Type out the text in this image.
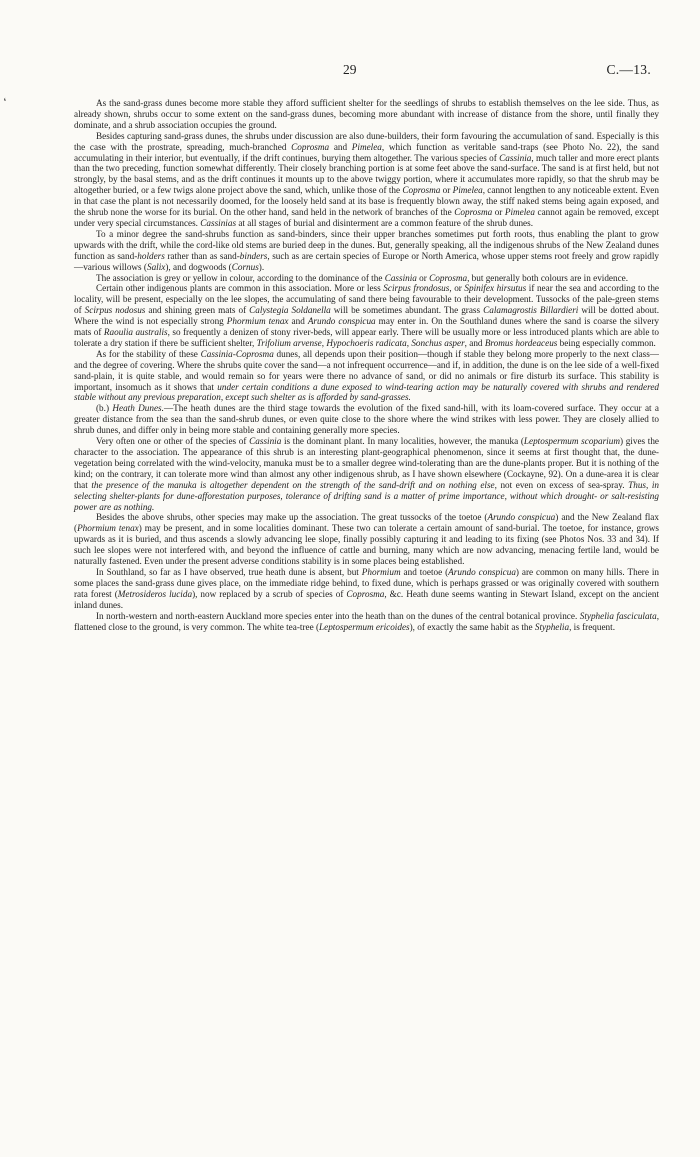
29	C.—13.
‘	As the sand-grass dunes become more stable they afford sufficient shelter for the seedlings of shrubs to establish themselves on the lee side. Thus, as already shown, shrubs occur to some extent on the sand-grass dunes, becoming more abundant with increase of distance from the shore, until finally they dominate, and a shrub association occupies the ground.

Besides capturing sand-grass dunes, the shrubs under discussion are also dune-builders, their form favouring the accumulation of sand. Especially is this the case with the prostrate, spreading, much-branched Coprosma and Pimelea, which function as veritable sand-traps (see Photo No. 22), the sand accumulating in their interior, but eventually, if the drift continues, burying them altogether. The various species of Cassinia, much taller and more erect plants than the two preceding, function somewhat differently. Their closely branching portion is at some feet above the sand-surface. The sand is at first held, but not strongly, by the basal stems, and as the drift continues it mounts up to the above twiggy portion, where it accumulates more rapidly, so that the shrub may be altogether buried, or a few twigs alone project above the sand, which, unlike those of the Coprosma or Pimelea, cannot lengthen to any noticeable extent. Even in that case the plant is not necessarily doomed, for the loosely held sand at its base is frequently blown away, the stiff naked stems being again exposed, and the shrub none the worse for its burial. On the other hand, sand held in the network of branches of the Coprosma or Pimelea cannot again be removed, except under very special circumstances. Cassinias at all stages of burial and disinterment are a common feature of the shrub dunes.

To a minor degree the sand-shrubs function as sand-binders, since their upper branches sometimes put forth roots, thus enabling the plant to grow upwards with the drift, while the cord-like old stems are buried deep in the dunes. But, generally speaking, all the indigenous shrubs of the New Zealand dunes function as sand-holders rather than as sand-binders, such as are certain species of Europe or North America, whose upper stems root freely and grow rapidly—various willows (Salix), and dogwoods (Cornus).

The association is grey or yellow in colour, according to the dominance of the Cassinia or Coprosma, but generally both colours are in evidence.

Certain other indigenous plants are common in this association. More or less Scirpus frondosus, or Spinifex hirsutus if near the sea and according to the locality, will be present, especially on the lee slopes, the accumulating of sand there being favourable to their development. Tussocks of the pale-green stems of Scirpus nodosus and shining green mats of Calystegia Soldanella will be sometimes abundant. The grass Calamagrostis Billardieri will be dotted about. Where the wind is not especially strong Phormium tenax and Arundo conspicua may enter in. On the Southland dunes where the sand is coarse the silvery mats of Raoulia australis, so frequently a denizen of stony river-beds, will appear early. There will be usually more or less introduced plants which are able to tolerate a dry station if there be sufficient shelter, Trifolium arvense, Hypochoeris radicata, Sonchus asper, and Bromus hordeaceus being especially common.

As for the stability of these Cassinia-Coprosma dunes, all depends upon their position—though if stable they belong more properly to the next class—and the degree of covering. Where the shrubs quite cover the sand—a not infrequent occurrence—and if, in addition, the dune is on the lee side of a well-fixed sand-plain, it is quite stable, and would remain so for years were there no advance of sand, or did no animals or fire disturb its surface. This stability is important, insomuch as it shows that under certain conditions a dune exposed to wind-tearing action may be naturally covered with shrubs and rendered stable without any previous preparation, except such shelter as is afforded by sand-grasses.

(b.) Heath Dunes.—The heath dunes are the third stage towards the evolution of the fixed sand-hill, with its loam-covered surface. They occur at a greater distance from the sea than the sand-shrub dunes, or even quite close to the shore where the wind strikes with less power. They are closely allied to shrub dunes, and differ only in being more stable and containing generally more species.

Very often one or other of the species of Cassinia is the dominant plant. In many localities, however, the manuka (Leptospermum scoparium) gives the character to the association. The appearance of this shrub is an interesting plant-geographical phenomenon, since it seems at first thought that, the dune-vegetation being correlated with the wind-velocity, manuka must be to a smaller degree wind-tolerating than are the dune-plants proper. But it is nothing of the kind; on the contrary, it can tolerate more wind than almost any other indigenous shrub, as I have shown elsewhere (Cockayne, 92). On a dune-area it is clear that the presence of the manuka is altogether dependent on the strength of the sand-drift and on nothing else, not even on excess of sea-spray. Thus, in selecting shelter-plants for dune-afforestation purposes, tolerance of drifting sand is a matter of prime importance, without which drought- or salt-resisting power are as nothing.

Besides the above shrubs, other species may make up the association. The great tussocks of the toetoe (Arundo conspicua) and the New Zealand flax (Phormium tenax) may be present, and in some localities dominant. These two can tolerate a certain amount of sand-burial. The toetoe, for instance, grows upwards as it is buried, and thus ascends a slowly advancing lee slope, finally possibly capturing it and leading to its fixing (see Photos Nos. 33 and 34). If such lee slopes were not interfered with, and beyond the influence of cattle and burning, many which are now advancing, menacing fertile land, would be naturally fastened. Even under the present adverse conditions stability is in some places being established.

In Southland, so far as I have observed, true heath dune is absent, but Phormium and toetoe (Arundo conspicua) are common on many hills. There in some places the sand-grass dune gives place, on the immediate ridge behind, to fixed dune, which is perhaps grassed or was originally covered with southern rata forest (Metrosideros lucida), now replaced by a scrub of species of Coprosma, &c. Heath dune seems wanting in Stewart Island, except on the ancient inland dunes.

In north-western and north-eastern Auckland more species enter into the heath than on the dunes of the central botanical province. Styphelia fasciculata, flattened close to the ground, is very common. The white tea-tree (Leptospermum ericoides), of exactly the same habit as the Styphelia, is frequent.
